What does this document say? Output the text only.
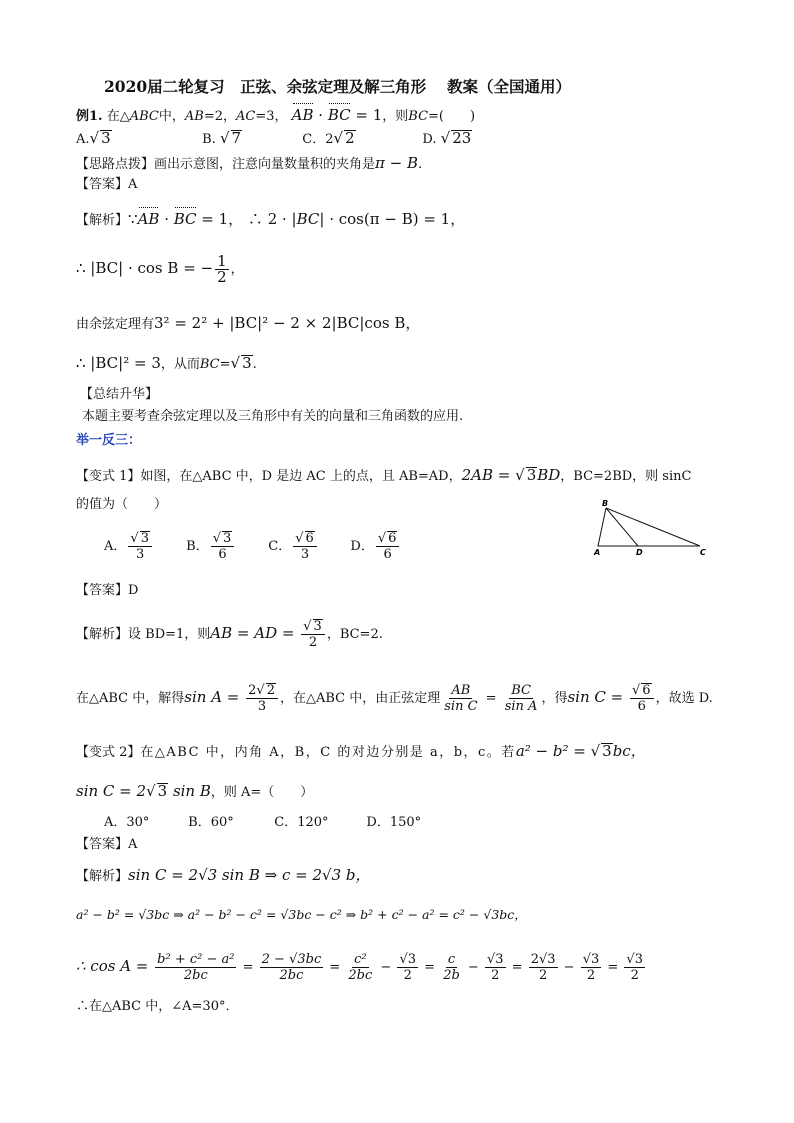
2020届二轮复习　正弦、余弦定理及解三角形　 教案（全国通用）
例1. 在△ABC中，AB=2，AC=3， AB · BC = 1，则BC=(　　)
A.√ 3	B. √ 7	C．2√ 2	D. √ 23
【思路点拨】画出示意图，注意向量数量积的夹角是π − B.
【答案】A
【解析】∵AB · BC = 1， ∴ 2 · |BC| · cos(π − B) = 1，
∴ |BC| · cos B = − $\frac{1}{2}$ ，
由余弦定理有3² = 2² + |BC|² − 2 × 2|BC|cos B，
∴ |BC|² = 3，从而BC=√ 3.
【总结升华】
本题主要考查余弦定理以及三角形中有关的向量和三角函数的应用.
举一反三：
【变式 1】如图，在△ABC 中，D 是边 AC 上的点，且 AB=AD，2AB = √ 3BD，BC=2BD，则 sinC
的值为（　　）
A． $\frac{√ 3}{3}$	B． $\frac{√ 3}{6}$	C． $\frac{√ 6}{3}$	D． $\frac{√ 6}{6}$
B
A	D	C
【答案】D
【解析】设 BD=1，则AB = AD = $\frac{√ 3}{2}$ ，BC=2.
在△ABC 中，解得$\sin A = \frac{2√ 2}{3}$ ，在△ABC 中，由正弦定理 $\frac{AB}{\text{sin C}} = \frac{BC}{\text{sin A}}$ ，得$\sin C = \frac{√ 6}{6}$ ，故选 D.
【变式 2】在△ABC 中，内角 A，B，C 的对边分别是 a，b，c。若a² − b² = √ 3bc，
sin C = 2√ 3 sin B，则 A=（　　）
A．30°	B．60°	C．120°	D．150°
【答案】A
【解析】sin C = 2√3 sin B ⇒ c = 2√3 b，
a² − b² = √3bc ⇒ a² − b² − c² = √3bc − c² ⇒ b² + c² − a² = c² − √3bc，
∴ $\cos A = \frac{\text{b² + c² − a²}}{2bc} = \frac{2 - √3bc}{2bc} = \frac{\text{c²}}{2bc} - \frac{√3}{2} = \frac{c}{2b} - \frac{√3}{2} = \frac{2√3}{2} - \frac{√3}{2} = \frac{√3}{2}$
∴在△ABC 中，∠A=30°．
